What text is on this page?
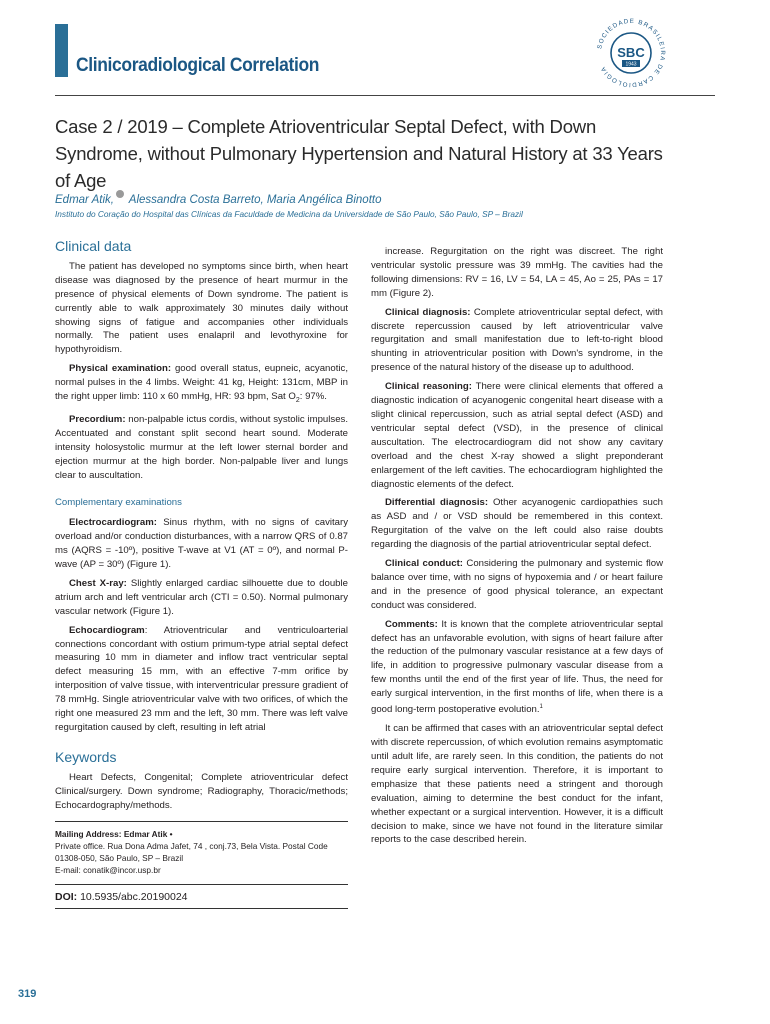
Clinicoradiological Correlation
SOCIEDADE BRASILEIRA DE CARDIOLOGIA
SBC
1943
Case 2 / 2019 – Complete Atrioventricular Septal Defect, with Down Syndrome, without Pulmonary Hypertension and Natural History at 33 Years of Age
Edmar Atik, Alessandra Costa Barreto, Maria Angélica Binotto
Instituto do Coração do Hospital das Clínicas da Faculdade de Medicina da Universidade de São Paulo, São Paulo, SP – Brazil
Clinical data

The patient has developed no symptoms since birth, when heart disease was diagnosed by the presence of heart murmur in the presence of physical elements of Down syndrome. The patient is currently able to walk approximately 30 minutes daily without showing signs of fatigue and accompanies other individuals normally. The patient uses enalapril and levothyroxine for hypothyroidism.

Physical examination: good overall status, eupneic, acyanotic, normal pulses in the 4 limbs. Weight: 41 kg, Height: 131cm, MBP in the right upper limb: 110 x 60 mmHg, HR: 93 bpm, Sat $O_2$: 97%.

Precordium: non-palpable ictus cordis, without systolic impulses. Accentuated and constant split second heart sound. Moderate intensity holosystolic murmur at the left lower sternal border and ejection murmur at the high border. Non-palpable liver and lungs clear to auscultation.

Complementary examinations

Electrocardiogram: Sinus rhythm, with no signs of cavitary overload and/or conduction disturbances, with a narrow QRS of 0.87 ms (AQRS = -10º), positive T-wave at V1 (AT = 0º), and normal P-wave (AP = 30º) (Figure 1).

Chest X-ray: Slightly enlarged cardiac silhouette due to double atrium arch and left ventricular arch (CTI = 0.50). Normal pulmonary vascular network (Figure 1).

Echocardiogram: Atrioventricular and ventriculoarterial connections concordant with ostium primum-type atrial septal defect measuring 10 mm in diameter and inflow tract ventricular septal defect measuring 15 mm, with an effective 7-mm orifice by interposition of valve tissue, with interventricular pressure gradient of 78 mmHg. Single atrioventricular valve with two orifices, of which the right one measured 23 mm and the left, 30 mm. There was left valve regurgitation caused by cleft, resulting in left atrial

Keywords

Heart Defects, Congenital; Complete atrioventricular defect Clinical/surgery. Down syndrome; Radiography, Thoracic/methods; Echocardography/methods.

Mailing Address: Edmar Atik •

Private office. Rua Dona Adma Jafet, 74 , conj.73, Bela Vista. Postal Code

01308-050, São Paulo, SP – Brazil

E-mail: conatik@incor.usp.br

DOI: 10.5935/abc.20190024

increase. Regurgitation on the right was discreet. The right ventricular systolic pressure was 39 mmHg. The cavities had the following dimensions: RV = 16, LV = 54, LA = 45, Ao = 25, PAs = 17 mm (Figure 2).

Clinical diagnosis: Complete atrioventricular septal defect, with discrete repercussion caused by left atrioventricular valve regurgitation and small manifestation due to left-to-right blood shunting in atrioventricular position with Down's syndrome, in the presence of the natural history of the disease up to adulthood.

Clinical reasoning: There were clinical elements that offered a diagnostic indication of acyanogenic congenital heart disease with a slight clinical repercussion, such as atrial septal defect (ASD) and ventricular septal defect (VSD), in the presence of clinical auscultation. The electrocardiogram did not show any cavitary overload and the chest X-ray showed a slight preponderant enlargement of the left cavities. The echocardiogram highlighted the diagnostic elements of the defect.

Differential diagnosis: Other acyanogenic cardiopathies such as ASD and / or VSD should be remembered in this context. Regurgitation of the valve on the left could also raise doubts regarding the diagnosis of the partial atrioventricular septal defect.

Clinical conduct: Considering the pulmonary and systemic flow balance over time, with no signs of hypoxemia and / or heart failure and in the presence of good physical tolerance, an expectant conduct was considered.

Comments: It is known that the complete atrioventricular septal defect has an unfavorable evolution, with signs of heart failure after the reduction of the pulmonary vascular resistance at a few days of life, in addition to progressive pulmonary vascular disease from a few months until the end of the first year of life. Thus, the need for early surgical intervention, in the first months of life, when there is a good long-term postoperative evolution.$^1$

It can be affirmed that cases with an atrioventricular septal defect with discrete repercussion, of which evolution remains asymptomatic until adult life, are rarely seen. In this condition, the patients do not require early surgical intervention. Therefore, it is important to emphasize that these patients need a stringent and thorough evaluation, aiming to determine the best conduct for the infant, whether expectant or a surgical intervention. However, it is a difficult decision to make, since we have not found in the literature similar reports to the case described herein.

319
